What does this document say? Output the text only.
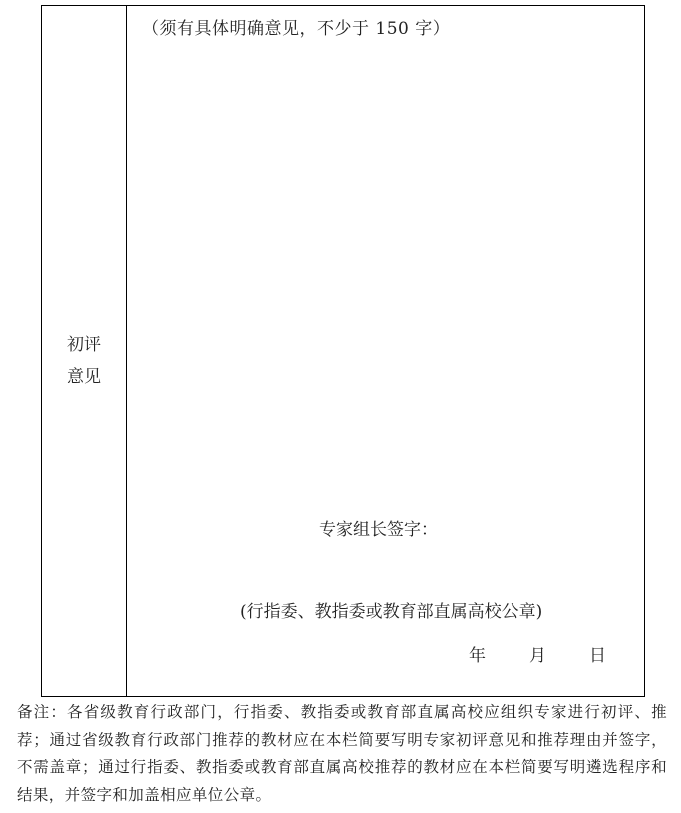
初评
意见
（须有具体明确意见，不少于 150 字）
专家组长签字：
(行指委、教指委或教育部直属高校公章)
年	月	日
备注：各省级教育行政部门，行指委、教指委或教育部直属高校应组织专家进行初评、推荐；通过省级教育行政部门推荐的教材应在本栏简要写明专家初评意见和推荐理由并签字，不需盖章；通过行指委、教指委或教育部直属高校推荐的教材应在本栏简要写明遴选程序和结果，并签字和加盖相应单位公章。
